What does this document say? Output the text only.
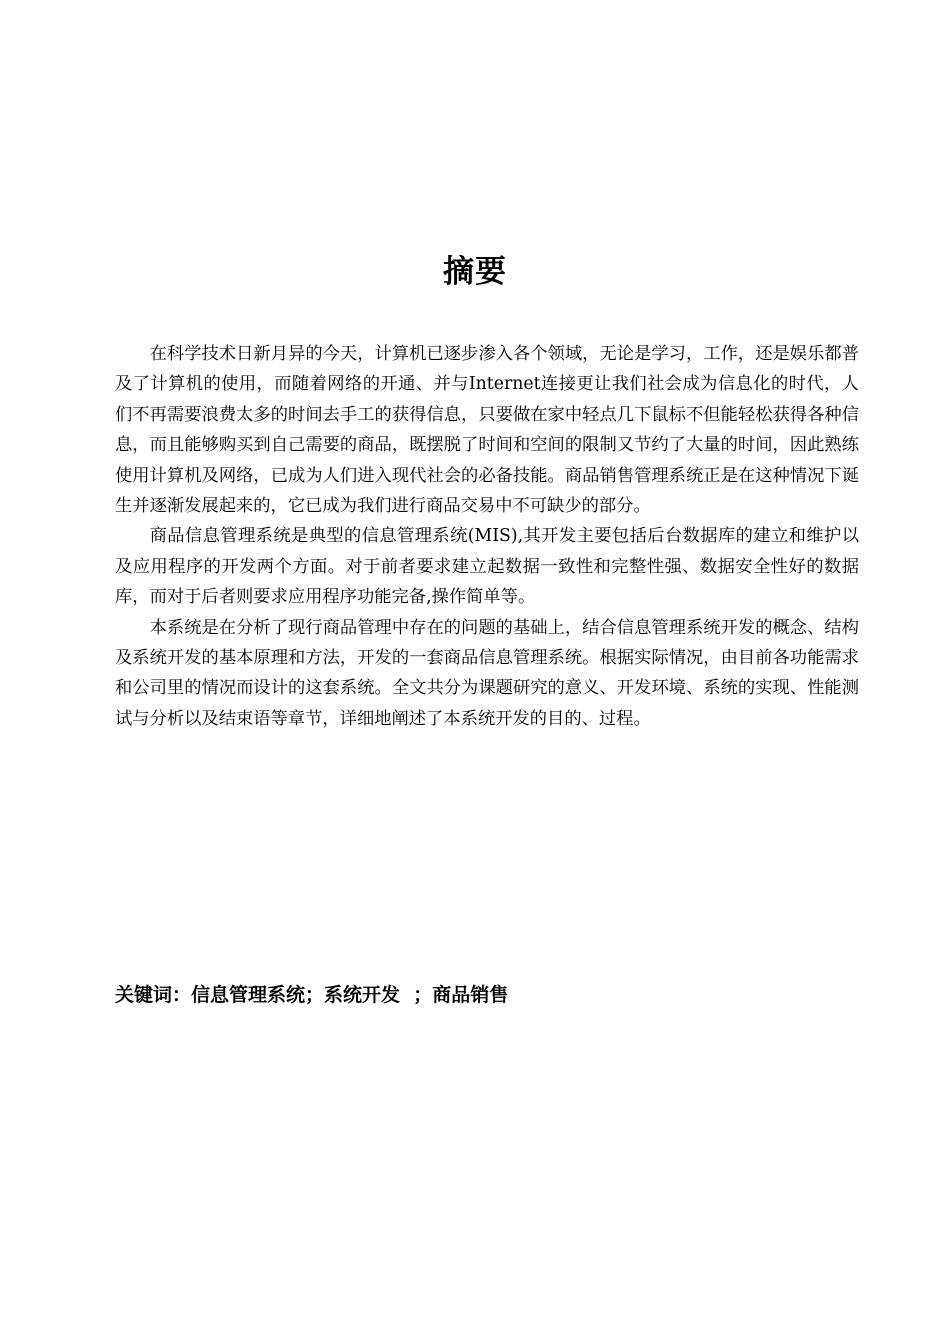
摘要

在科学技术日新月异的今天，计算机已逐步渗入各个领域，无论是学习，工作，还是娱乐都普及了计算机的使用，而随着网络的开通、并与Internet连接更让我们社会成为信息化的时代，人们不再需要浪费太多的时间去手工的获得信息，只要做在家中轻点几下鼠标不但能轻松获得各种信息，而且能够购买到自己需要的商品，既摆脱了时间和空间的限制又节约了大量的时间，因此熟练使用计算机及网络，已成为人们进入现代社会的必备技能。商品销售管理系统正是在这种情况下诞生并逐渐发展起来的，它已成为我们进行商品交易中不可缺少的部分。

商品信息管理系统是典型的信息管理系统(MIS),其开发主要包括后台数据库的建立和维护以及应用程序的开发两个方面。对于前者要求建立起数据一致性和完整性强、数据安全性好的数据库，而对于后者则要求应用程序功能完备,操作简单等。

本系统是在分析了现行商品管理中存在的问题的基础上，结合信息管理系统开发的概念、结构及系统开发的基本原理和方法，开发的一套商品信息管理系统。根据实际情况，由目前各功能需求和公司里的情况而设计的这套系统。全文共分为课题研究的意义、开发环境、系统的实现、性能测试与分析以及结束语等章节，详细地阐述了本系统开发的目的、过程。

关键词：信息管理系统；系统开发  ；商品销售
